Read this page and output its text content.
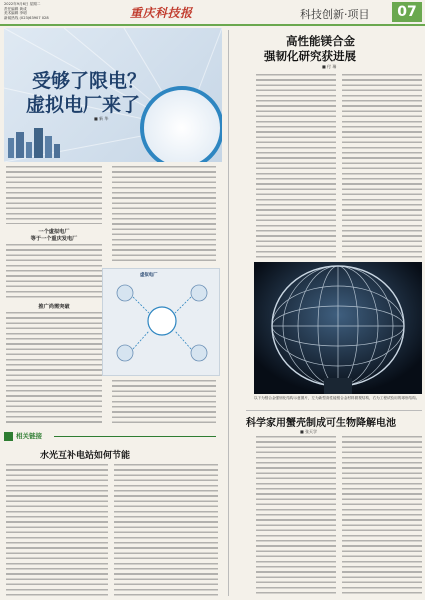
2022年9月6日 星期二
责任编辑 黄成
美术编辑 李明
新闻热线 (023)63907 028	重庆科技报	科技创新·项目	07
受够了限电？
虚拟电厂来了
■ 新 华
高性能镁合金
强韧化研究获进展
■ 付 瑞
一个虚拟电厂
等于一个重庆发电厂
推广尚需突破
虚拟电厂
以下为镁合金强韧化结构示意图片，左为新型高性能镁合金材料微观结构，右为工程试验用的球形结构。
相关链接
水光互补电站如何节能
科学家用蟹壳制成可生物降解电池
■ 张天学
